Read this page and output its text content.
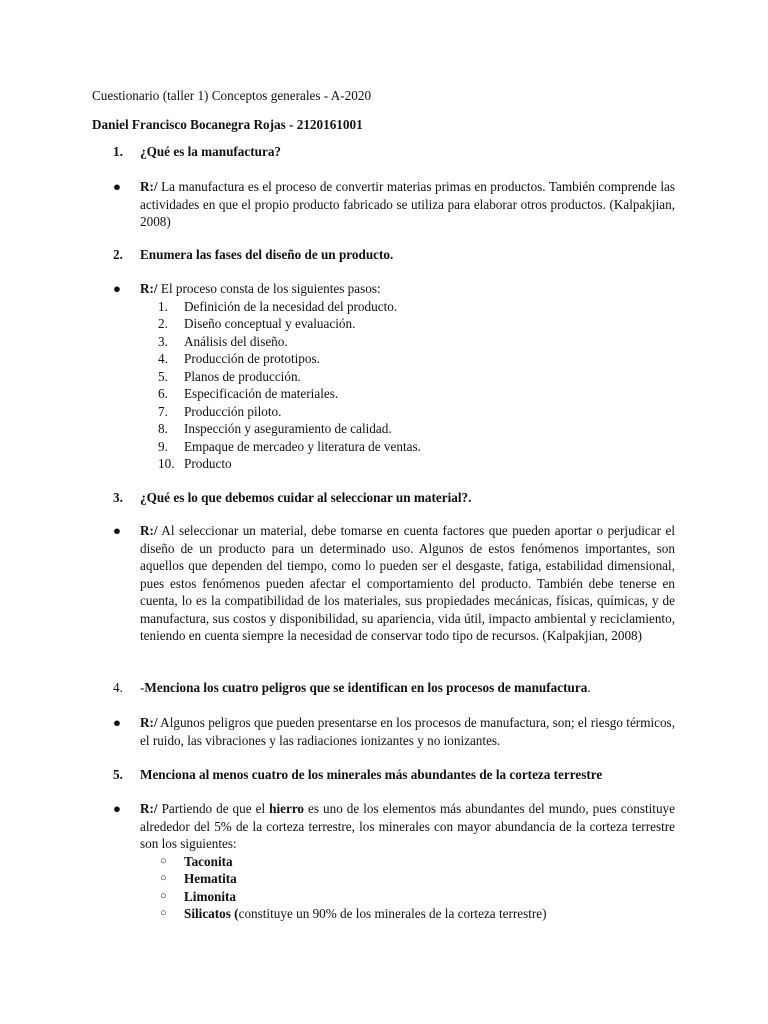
Cuestionario (taller 1) Conceptos generales - A-2020
Daniel Francisco Bocanegra Rojas - 2120161001
1. ¿Qué es la manufactura?
●	R:/ La manufactura es el proceso de convertir materias primas en productos. También comprende las actividades en que el propio producto fabricado se utiliza para elaborar otros productos. (Kalpakjian, 2008)
2. Enumera las fases del diseño de un producto.
●	R:/ El proceso consta de los siguientes pasos:
1. Definición de la necesidad del producto.
2. Diseño conceptual y evaluación.
3. Análisis del diseño.
4. Producción de prototipos.
5. Planos de producción.
6. Especificación de materiales.
7. Producción piloto.
8. Inspección y aseguramiento de calidad.
9. Empaque de mercadeo y literatura de ventas.
10. Producto
3. ¿Qué es lo que debemos cuidar al seleccionar un material?.
●	R:/ Al seleccionar un material, debe tomarse en cuenta factores que pueden aportar o perjudicar el diseño de un producto para un determinado uso. Algunos de estos fenómenos importantes, son aquellos que dependen del tiempo, como lo pueden ser el desgaste, fatiga, estabilidad dimensional, pues estos fenómenos pueden afectar el comportamiento del producto. También debe tenerse en cuenta, lo es la compatibilidad de los materiales, sus propiedades mecánicas, físicas, químicas, y de manufactura, sus costos y disponibilidad, su apariencia, vida útil, impacto ambiental y reciclamiento, teniendo en cuenta siempre la necesidad de conservar todo tipo de recursos. (Kalpakjian, 2008)
4. -Menciona los cuatro peligros que se identifican en los procesos de manufactura.
●	R:/ Algunos peligros que pueden presentarse en los procesos de manufactura, son; el riesgo térmicos, el ruido, las vibraciones y las radiaciones ionizantes y no ionizantes.
5. Menciona al menos cuatro de los minerales más abundantes de la corteza terrestre
●	R:/ Partiendo de que el hierro es uno de los elementos más abundantes del mundo, pues constituye alrededor del 5% de la corteza terrestre, los minerales con mayor abundancia de la corteza terrestre son los siguientes:
○ Taconita
○ Hematita
○ Limonita
○ Silicatos (constituye un 90% de los minerales de la corteza terrestre)
